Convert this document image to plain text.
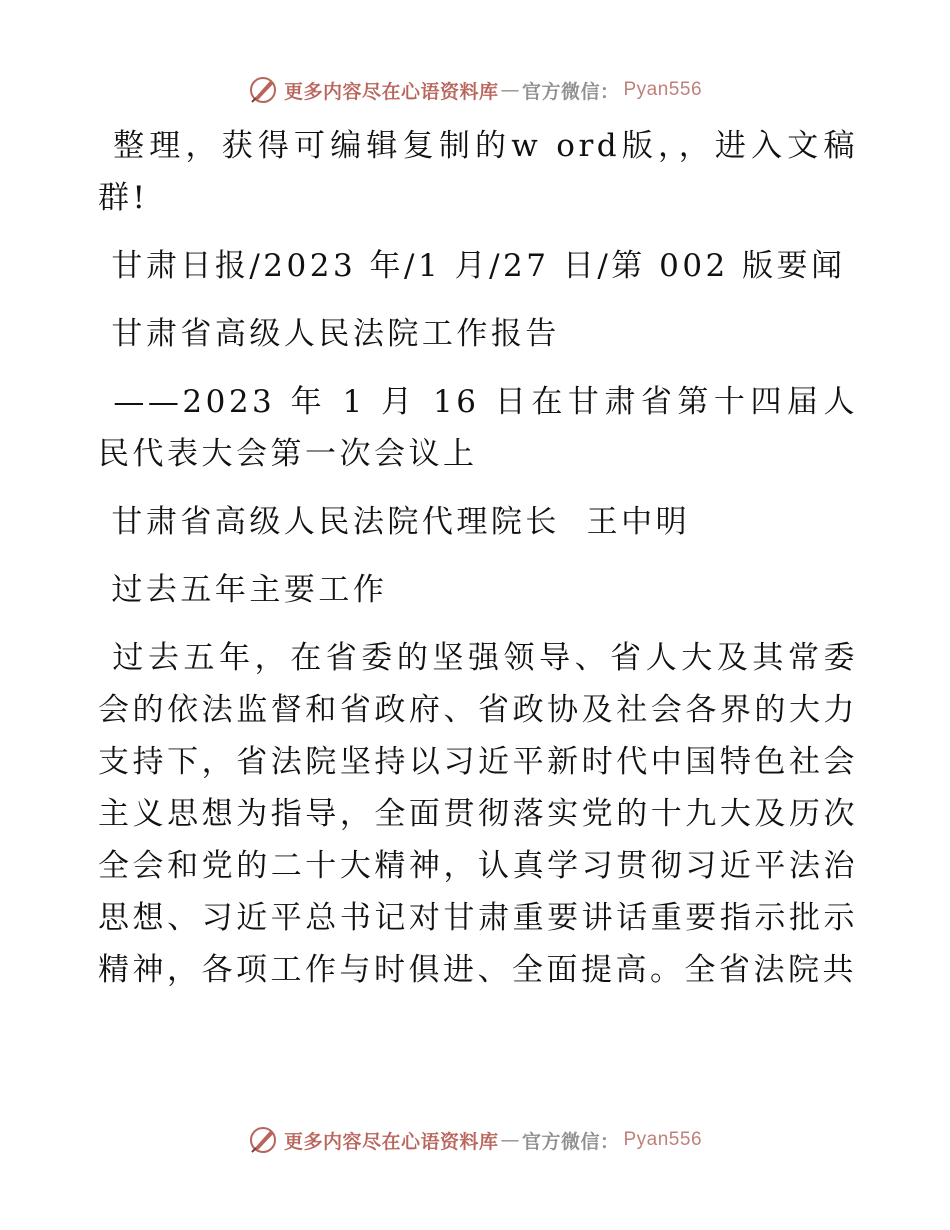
更多内容尽在心语资料库 — 官方微信： Pyan556

整理，获得可编辑复制的w ord版，，进入文稿群!

甘肃日报/2023 年/1 月/27 日/第 002 版要闻

甘肃省高级人民法院工作报告

——2023 年 1 月 16 日在甘肃省第十四届人民代表大会第一次会议上

甘肃省高级人民法院代理院长  王中明

过去五年主要工作

过去五年，在省委的坚强领导、省人大及其常委会的依法监督和省政府、省政协及社会各界的大力支持下，省法院坚持以习近平新时代中国特色社会主义思想为指导，全面贯彻落实党的十九大及历次全会和党的二十大精神，认真学习贯彻习近平法治思想、习近平总书记对甘肃重要讲话重要指示批示精神，各项工作与时俱进、全面提高。全省法院共

更多内容尽在心语资料库 — 官方微信： Pyan556
